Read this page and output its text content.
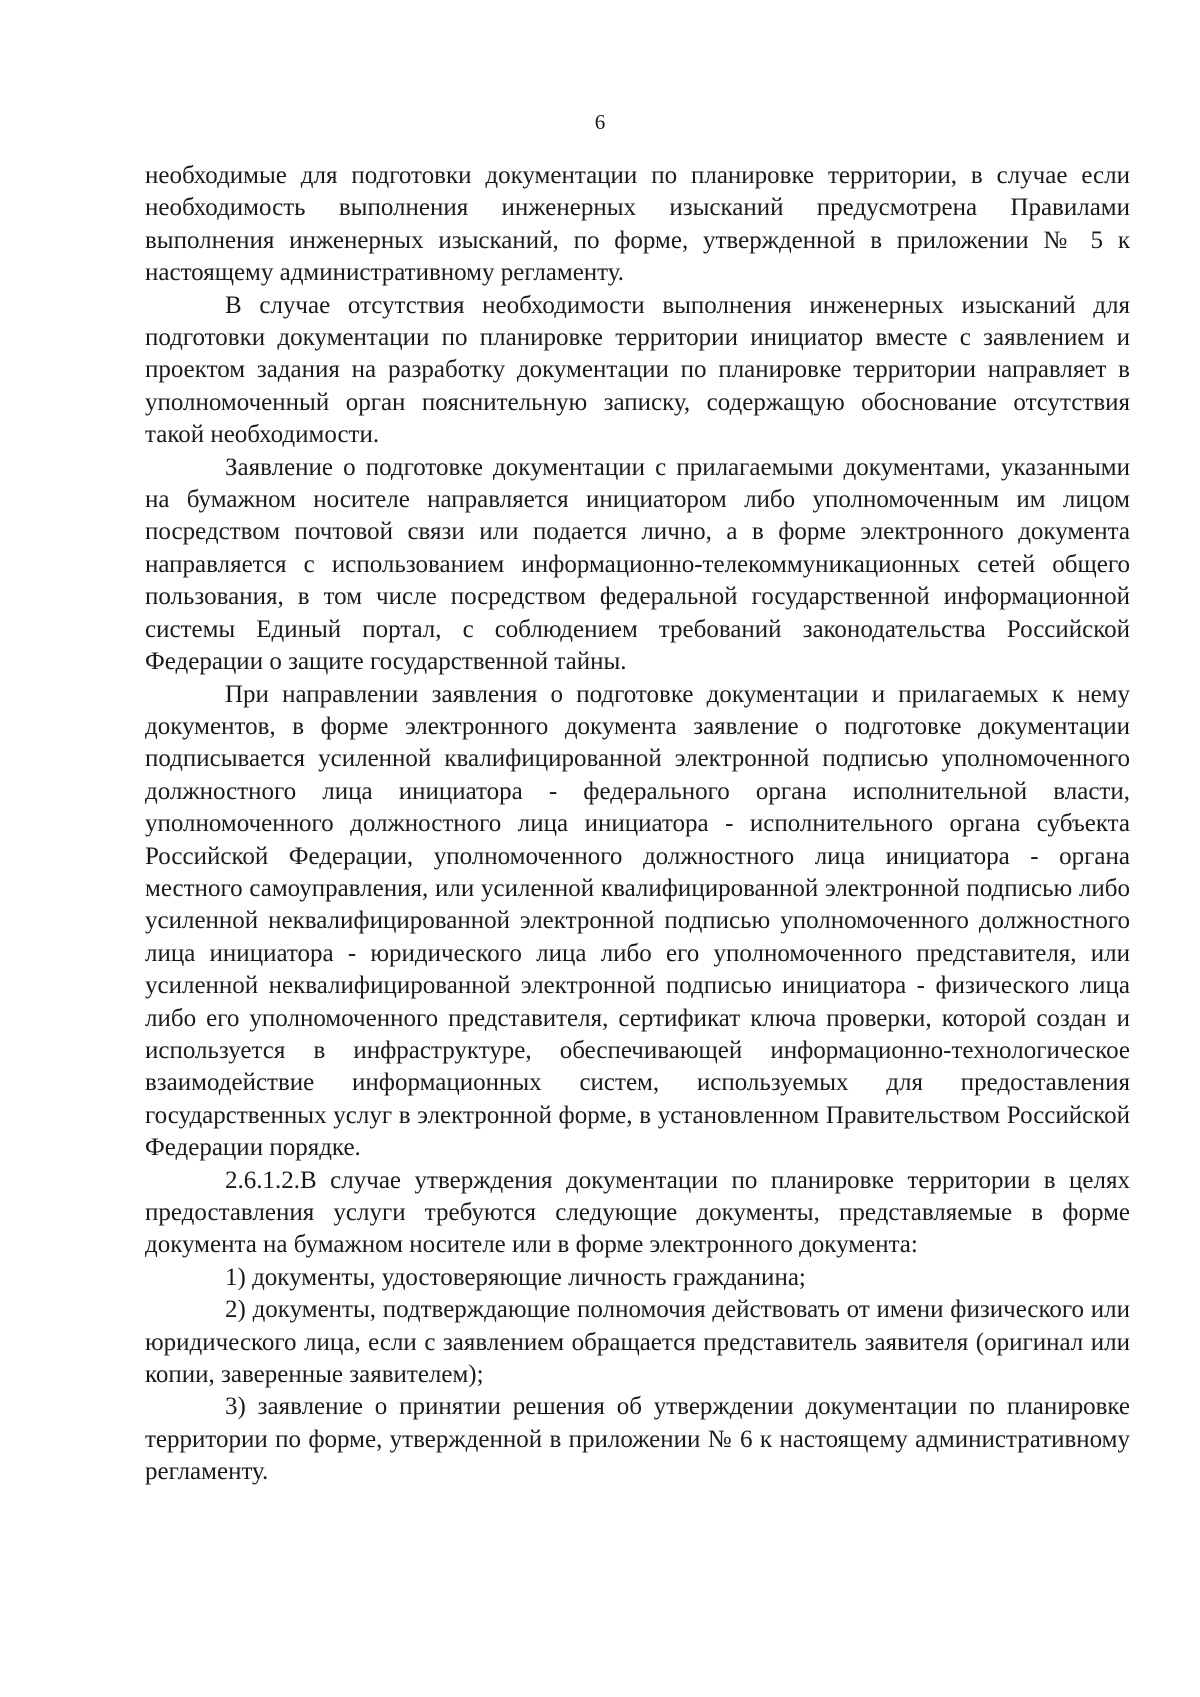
6

необходимые для подготовки документации по планировке территории, в случае если необходимость выполнения инженерных изысканий предусмотрена Правилами выполнения инженерных изысканий, по форме, утвержденной в приложении № 5 к настоящему административному регламенту.

В случае отсутствия необходимости выполнения инженерных изысканий для подготовки документации по планировке территории инициатор вместе с заявлением и проектом задания на разработку документации по планировке территории направляет в уполномоченный орган пояснительную записку, содержащую обоснование отсутствия такой необходимости.

Заявление о подготовке документации с прилагаемыми документами, указанными на бумажном носителе направляется инициатором либо уполномоченным им лицом посредством почтовой связи или подается лично, а в форме электронного документа направляется с использованием информационно-телекоммуникационных сетей общего пользования, в том числе посредством федеральной государственной информационной системы Единый портал, с соблюдением требований законодательства Российской Федерации о защите государственной тайны.

При направлении заявления о подготовке документации и прилагаемых к нему документов, в форме электронного документа заявление о подготовке документации подписывается усиленной квалифицированной электронной подписью уполномоченного должностного лица инициатора - федерального органа исполнительной власти, уполномоченного должностного лица инициатора - исполнительного органа субъекта Российской Федерации, уполномоченного должностного лица инициатора - органа местного самоуправления, или усиленной квалифицированной электронной подписью либо усиленной неквалифицированной электронной подписью уполномоченного должностного лица инициатора - юридического лица либо его уполномоченного представителя, или усиленной неквалифицированной электронной подписью инициатора - физического лица либо его уполномоченного представителя, сертификат ключа проверки, которой создан и используется в инфраструктуре, обеспечивающей информационно-технологическое взаимодействие информационных систем, используемых для предоставления государственных услуг в электронной форме, в установленном Правительством Российской Федерации порядке.

2.6.1.2.В случае утверждения документации по планировке территории в целях предоставления услуги требуются следующие документы, представляемые в форме документа на бумажном носителе или в форме электронного документа:

1) документы, удостоверяющие личность гражданина;

2) документы, подтверждающие полномочия действовать от имени физического или юридического лица, если с заявлением обращается представитель заявителя (оригинал или копии, заверенные заявителем);

3) заявление о принятии решения об утверждении документации по планировке территории по форме, утвержденной в приложении № 6 к настоящему административному регламенту.
